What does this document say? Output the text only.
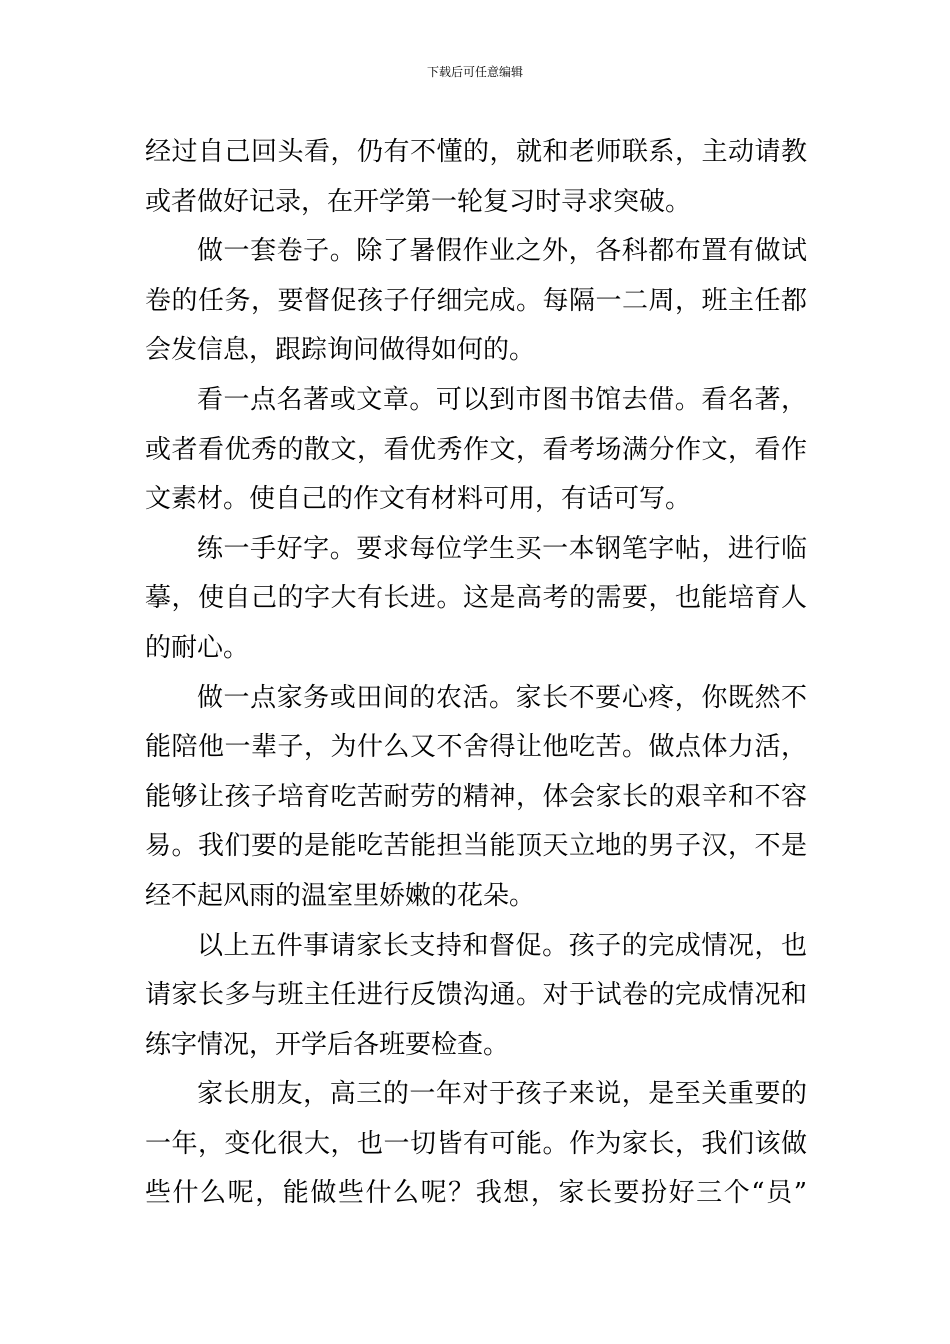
下载后可任意编辑
经过自己回头看，仍有不懂的，就和老师联系，主动请教
或者做好记录，在开学第一轮复习时寻求突破。
做一套卷子。除了暑假作业之外，各科都布置有做试
卷的任务，要督促孩子仔细完成。每隔一二周，班主任都
会发信息，跟踪询问做得如何的。
看一点名著或文章。可以到市图书馆去借。看名著，
或者看优秀的散文，看优秀作文，看考场满分作文，看作
文素材。使自己的作文有材料可用，有话可写。
练一手好字。要求每位学生买一本钢笔字帖，进行临
摹，使自己的字大有长进。这是高考的需要，也能培育人
的耐心。
做一点家务或田间的农活。家长不要心疼，你既然不
能陪他一辈子，为什么又不舍得让他吃苦。做点体力活，
能够让孩子培育吃苦耐劳的精神，体会家长的艰辛和不容
易。我们要的是能吃苦能担当能顶天立地的男子汉，不是
经不起风雨的温室里娇嫩的花朵。
以上五件事请家长支持和督促。孩子的完成情况，也
请家长多与班主任进行反馈沟通。对于试卷的完成情况和
练字情况，开学后各班要检查。
家长朋友，高三的一年对于孩子来说，是至关重要的
一年，变化很大，也一切皆有可能。作为家长，我们该做
些什么呢，能做些什么呢？我想，家长要扮好三个“员”
